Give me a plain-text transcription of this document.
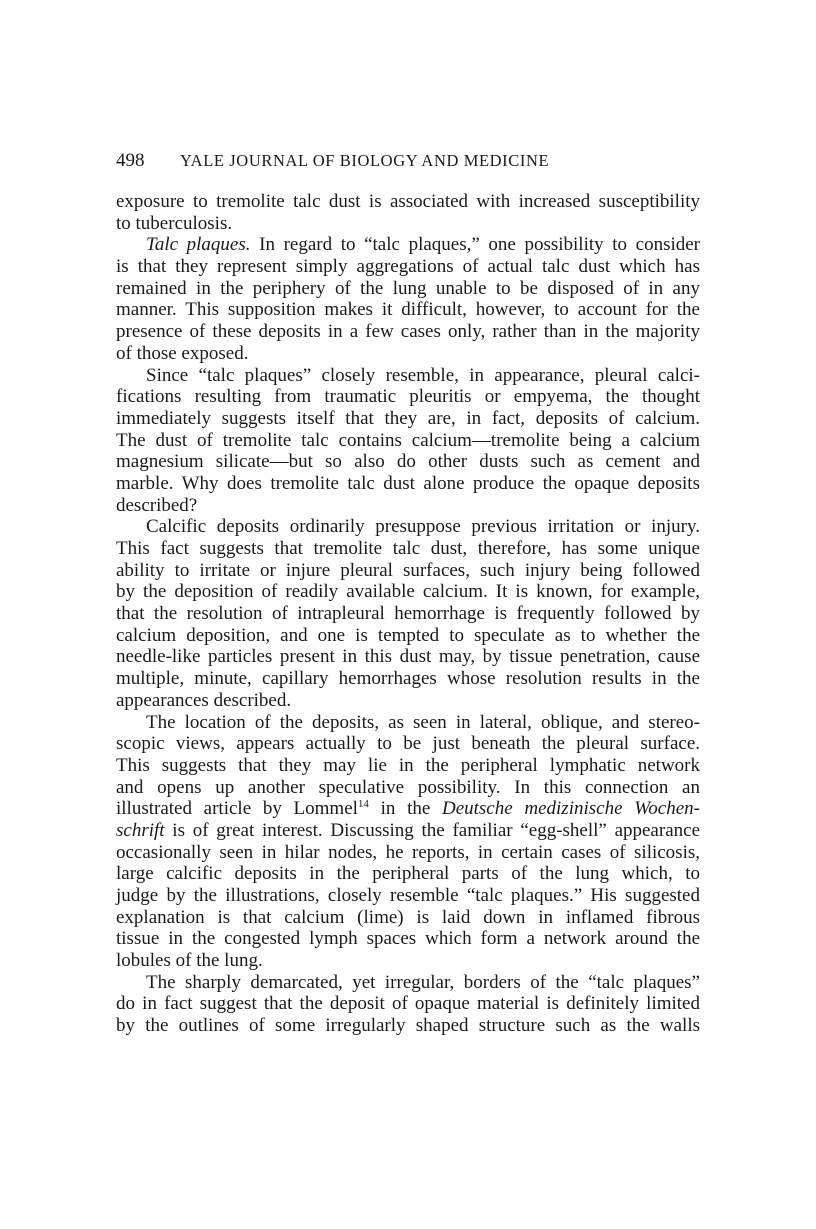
498 YALE JOURNAL OF BIOLOGY AND MEDICINE
exposure to tremolite talc dust is associated with increased susceptibility
to tuberculosis.
Talc plaques. In regard to “talc plaques,” one possibility to consider
is that they represent simply aggregations of actual talc dust which has
remained in the periphery of the lung unable to be disposed of in any
manner. This supposition makes it difficult, however, to account for the
presence of these deposits in a few cases only, rather than in the majority
of those exposed.
Since “talc plaques” closely resemble, in appearance, pleural calci-
fications resulting from traumatic pleuritis or empyema, the thought
immediately suggests itself that they are, in fact, deposits of calcium.
The dust of tremolite talc contains calcium—tremolite being a calcium
magnesium silicate—but so also do other dusts such as cement and
marble. Why does tremolite talc dust alone produce the opaque deposits
described?
Calcific deposits ordinarily presuppose previous irritation or injury.
This fact suggests that tremolite talc dust, therefore, has some unique
ability to irritate or injure pleural surfaces, such injury being followed
by the deposition of readily available calcium. It is known, for example,
that the resolution of intrapleural hemorrhage is frequently followed by
calcium deposition, and one is tempted to speculate as to whether the
needle-like particles present in this dust may, by tissue penetration, cause
multiple, minute, capillary hemorrhages whose resolution results in the
appearances described.
The location of the deposits, as seen in lateral, oblique, and stereo-
scopic views, appears actually to be just beneath the pleural surface.
This suggests that they may lie in the peripheral lymphatic network
and opens up another speculative possibility. In this connection an
illustrated article by Lommel$^{14}$ in the Deutsche medizinische Wochen-
schrift is of great interest. Discussing the familiar “egg-shell” appearance
occasionally seen in hilar nodes, he reports, in certain cases of silicosis,
large calcific deposits in the peripheral parts of the lung which, to
judge by the illustrations, closely resemble “talc plaques.” His suggested
explanation is that calcium (lime) is laid down in inflamed fibrous
tissue in the congested lymph spaces which form a network around the
lobules of the lung.
The sharply demarcated, yet irregular, borders of the “talc plaques”
do in fact suggest that the deposit of opaque material is definitely limited
by the outlines of some irregularly shaped structure such as the walls
